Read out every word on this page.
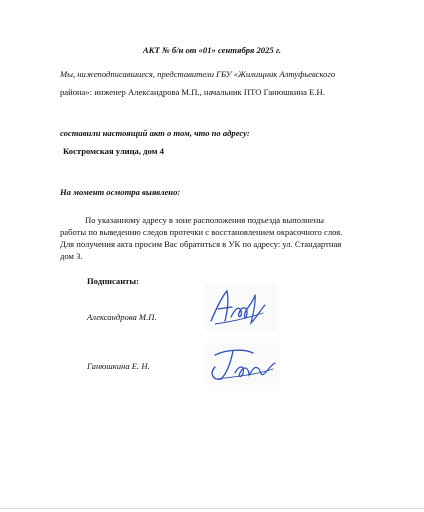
АКТ № б/н от «01» сентября 2025 г.
Мы, нижеподписавшиеся, представители ГБУ «Жилищник Алтуфьевского
района»: инженер Александрова М.П., начальник ПТО Ганюшкина Е.Н.
составили настоящий акт о том, что по адресу:
Костромская улица, дом 4
На момент осмотра выявлено:
По указанному адресу в зоне расположения подъезда выполнены
работы по выведению следов протечки с восстановлением окрасочного слоя.
Для получения акта просим Вас обратиться в УК по адресу: ул. Стандартная
дом 3.
Подписанты:
Александрова М.П.
Ганюшкина Е. Н.
